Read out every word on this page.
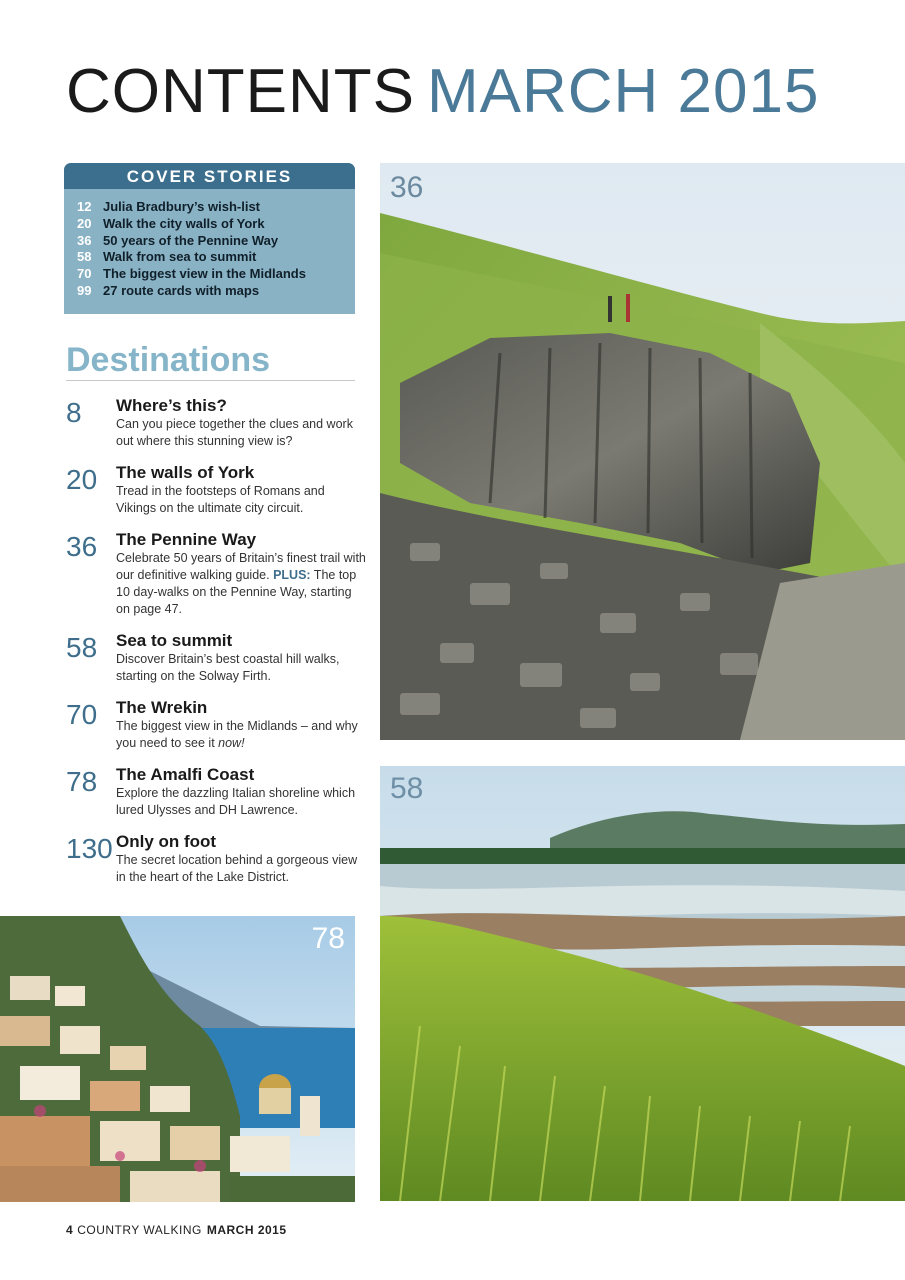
CONTENTS MARCH 2015
COVER STORIES
12 Julia Bradbury’s wish-list
20 Walk the city walls of York
36 50 years of the Pennine Way
58 Walk from sea to summit
70 The biggest view in the Midlands
99 27 route cards with maps
Destinations
8 Where’s this?
Can you piece together the clues and work out where this stunning view is?
20 The walls of York
Tread in the footsteps of Romans and Vikings on the ultimate city circuit.
36 The Pennine Way
Celebrate 50 years of Britain’s finest trail with our definitive walking guide. PLUS: The top 10 day-walks on the Pennine Way, starting on page 47.
58 Sea to summit
Discover Britain’s best coastal hill walks, starting on the Solway Firth.
70 The Wrekin
The biggest view in the Midlands – and why you need to see it now!
78 The Amalfi Coast
Explore the dazzling Italian shoreline which lured Ulysses and DH Lawrence.
130 Only on foot
The secret location behind a gorgeous view in the heart of the Lake District.
36
58
78
4 COUNTRY WALKING MARCH 2015
